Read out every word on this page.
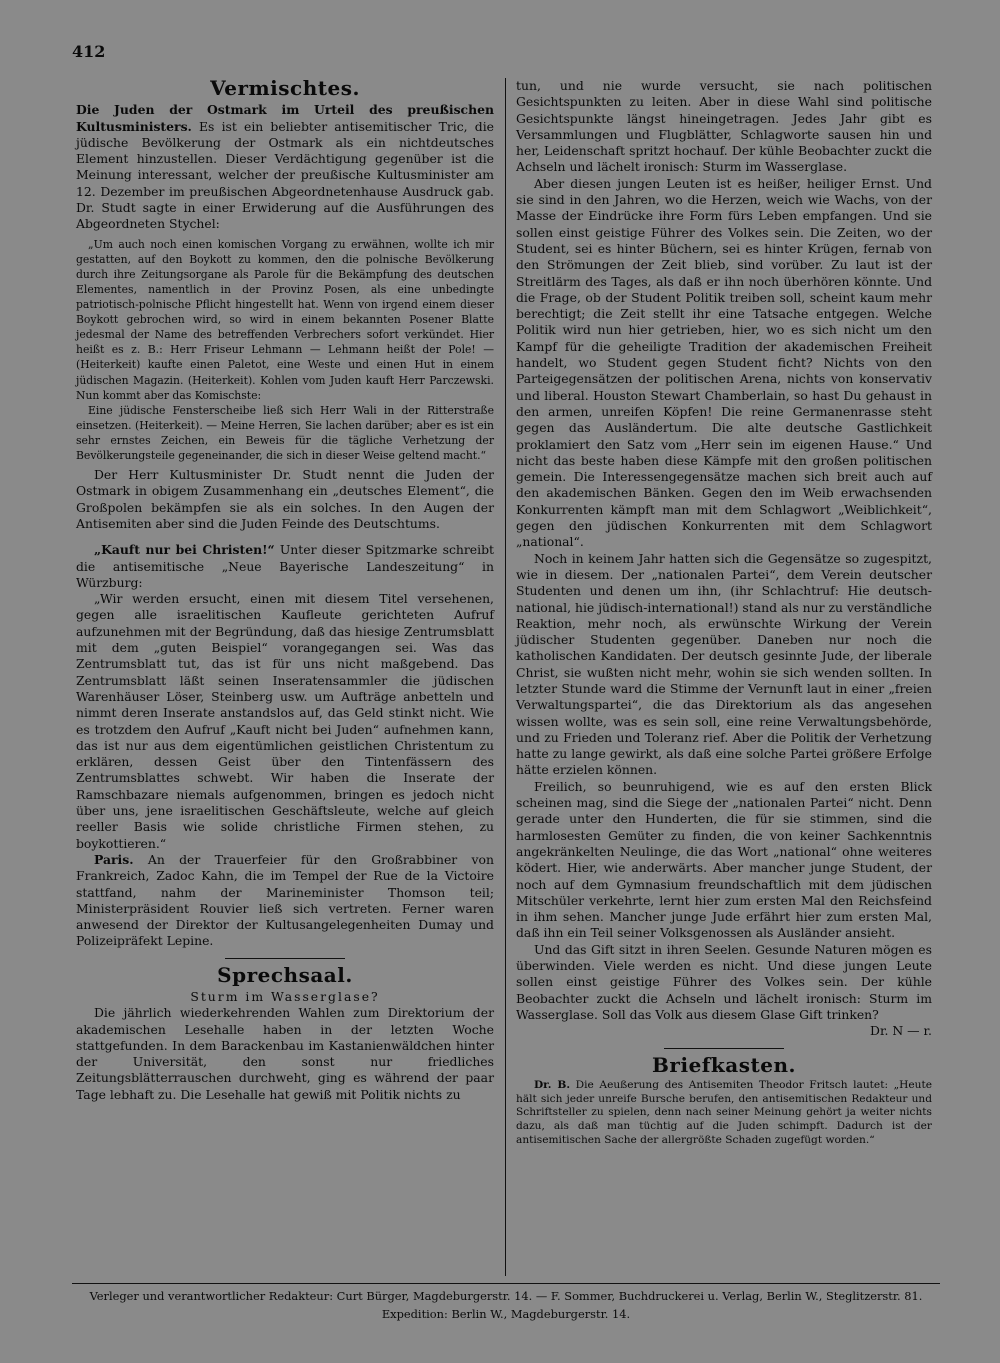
412
Vermischtes.

Die Juden der Ostmark im Urteil des preußischen Kultusministers. Es ist ein beliebter antisemitischer Tric, die jüdische Bevölkerung der Ostmark als ein nichtdeutsches Element hinzustellen. Dieser Verdächtigung gegenüber ist die Meinung interessant, welcher der preußische Kultusminister am 12. Dezember im preußischen Abgeordnetenhause Ausdruck gab. Dr. Studt sagte in einer Erwiderung auf die Ausführungen des Abgeordneten Stychel:

„Um auch noch einen komischen Vorgang zu erwähnen, wollte ich mir gestatten, auf den Boykott zu kommen, den die polnische Bevölkerung durch ihre Zeitungsorgane als Parole für die Bekämpfung des deutschen Elementes, namentlich in der Provinz Posen, als eine unbedingte patriotisch-polnische Pflicht hingestellt hat. Wenn von irgend einem dieser Boykott gebrochen wird, so wird in einem bekannten Posener Blatte jedesmal der Name des betreffenden Verbrechers sofort verkündet. Hier heißt es z. B.: Herr Friseur Lehmann — Lehmann heißt der Pole! — (Heiterkeit) kaufte einen Paletot, eine Weste und einen Hut in einem jüdischen Magazin. (Heiterkeit). Kohlen vom Juden kauft Herr Parczewski. Nun kommt aber das Komischste:

Eine jüdische Fensterscheibe ließ sich Herr Wali in der Ritterstraße einsetzen. (Heiterkeit). — Meine Herren, Sie lachen darüber; aber es ist ein sehr ernstes Zeichen, ein Beweis für die tägliche Verhetzung der Bevölkerungsteile gegeneinander, die sich in dieser Weise geltend macht.“

Der Herr Kultusminister Dr. Studt nennt die Juden der Ostmark in obigem Zusammenhang ein „deutsches Element“, die Großpolen bekämpfen sie als ein solches. In den Augen der Antisemiten aber sind die Juden Feinde des Deutschtums.

„Kauft nur bei Christen!“ Unter dieser Spitzmarke schreibt die antisemitische „Neue Bayerische Landeszeitung“ in Würzburg:

„Wir werden ersucht, einen mit diesem Titel versehenen, gegen alle israelitischen Kaufleute gerichteten Aufruf aufzunehmen mit der Begründung, daß das hiesige Zentrumsblatt mit dem „guten Beispiel“ vorangegangen sei. Was das Zentrumsblatt tut, das ist für uns nicht maßgebend. Das Zentrumsblatt läßt seinen Inseratensammler die jüdischen Warenhäuser Löser, Steinberg usw. um Aufträge anbetteln und nimmt deren Inserate anstandslos auf, das Geld stinkt nicht. Wie es trotzdem den Aufruf „Kauft nicht bei Juden“ aufnehmen kann, das ist nur aus dem eigentümlichen geistlichen Christentum zu erklären, dessen Geist über den Tintenfässern des Zentrumsblattes schwebt. Wir haben die Inserate der Ramschbazare niemals aufgenommen, bringen es jedoch nicht über uns, jene israelitischen Geschäftsleute, welche auf gleich reeller Basis wie solide christliche Firmen stehen, zu boykottieren.“

Paris. An der Trauerfeier für den Großrabbiner von Frankreich, Zadoc Kahn, die im Tempel der Rue de la Victoire stattfand, nahm der Marineminister Thomson teil; Ministerpräsident Rouvier ließ sich vertreten. Ferner waren anwesend der Direktor der Kultusangelegenheiten Dumay und Polizeipräfekt Lepine.

Sprechsaal.

Sturm im Wasserglase?

Die jährlich wiederkehrenden Wahlen zum Direktorium der akademischen Lesehalle haben in der letzten Woche stattgefunden. In dem Barackenbau im Kastanienwäldchen hinter der Universität, den sonst nur friedliches Zeitungsblätterrauschen durchweht, ging es während der paar Tage lebhaft zu. Die Lesehalle hat gewiß mit Politik nichts zu

tun, und nie wurde versucht, sie nach politischen Gesichtspunkten zu leiten. Aber in diese Wahl sind politische Gesichtspunkte längst hineingetragen. Jedes Jahr gibt es Versammlungen und Flugblätter, Schlagworte sausen hin und her, Leidenschaft spritzt hochauf. Der kühle Beobachter zuckt die Achseln und lächelt ironisch: Sturm im Wasserglase.

Aber diesen jungen Leuten ist es heißer, heiliger Ernst. Und sie sind in den Jahren, wo die Herzen, weich wie Wachs, von der Masse der Eindrücke ihre Form fürs Leben empfangen. Und sie sollen einst geistige Führer des Volkes sein. Die Zeiten, wo der Student, sei es hinter Büchern, sei es hinter Krügen, fernab von den Strömungen der Zeit blieb, sind vorüber. Zu laut ist der Streitlärm des Tages, als daß er ihn noch überhören könnte. Und die Frage, ob der Student Politik treiben soll, scheint kaum mehr berechtigt; die Zeit stellt ihr eine Tatsache entgegen. Welche Politik wird nun hier getrieben, hier, wo es sich nicht um den Kampf für die geheiligte Tradition der akademischen Freiheit handelt, wo Student gegen Student ficht? Nichts von den Parteigegensätzen der politischen Arena, nichts von konservativ und liberal. Houston Stewart Chamberlain, so hast Du gehaust in den armen, unreifen Köpfen! Die reine Germanenrasse steht gegen das Ausländertum. Die alte deutsche Gastlichkeit proklamiert den Satz vom „Herr sein im eigenen Hause.“ Und nicht das beste haben diese Kämpfe mit den großen politischen gemein. Die Interessengegensätze machen sich breit auch auf den akademischen Bänken. Gegen den im Weib erwachsenden Konkurrenten kämpft man mit dem Schlagwort „Weiblichkeit“, gegen den jüdischen Konkurrenten mit dem Schlagwort „national“.

Noch in keinem Jahr hatten sich die Gegensätze so zugespitzt, wie in diesem. Der „nationalen Partei“, dem Verein deutscher Studenten und denen um ihn, (ihr Schlachtruf: Hie deutsch-national, hie jüdisch-international!) stand als nur zu verständliche Reaktion, mehr noch, als erwünschte Wirkung der Verein jüdischer Studenten gegenüber. Daneben nur noch die katholischen Kandidaten. Der deutsch gesinnte Jude, der liberale Christ, sie wußten nicht mehr, wohin sie sich wenden sollten. In letzter Stunde ward die Stimme der Vernunft laut in einer „freien Verwaltungspartei“, die das Direktorium als das angesehen wissen wollte, was es sein soll, eine reine Verwaltungsbehörde, und zu Frieden und Toleranz rief. Aber die Politik der Verhetzung hatte zu lange gewirkt, als daß eine solche Partei größere Erfolge hätte erzielen können.

Freilich, so beunruhigend, wie es auf den ersten Blick scheinen mag, sind die Siege der „nationalen Partei“ nicht. Denn gerade unter den Hunderten, die für sie stimmen, sind die harmlosesten Gemüter zu finden, die von keiner Sachkenntnis angekränkelten Neulinge, die das Wort „national“ ohne weiteres ködert. Hier, wie anderwärts. Aber mancher junge Student, der noch auf dem Gymnasium freundschaftlich mit dem jüdischen Mitschüler verkehrte, lernt hier zum ersten Mal den Reichsfeind in ihm sehen. Mancher junge Jude erfährt hier zum ersten Mal, daß ihn ein Teil seiner Volksgenossen als Ausländer ansieht.

Und das Gift sitzt in ihren Seelen. Gesunde Naturen mögen es überwinden. Viele werden es nicht. Und diese jungen Leute sollen einst geistige Führer des Volkes sein. Der kühle Beobachter zuckt die Achseln und lächelt ironisch: Sturm im Wasserglase. Soll das Volk aus diesem Glase Gift trinken?

Dr. N — r.

Briefkasten.

Dr. B. Die Aeußerung des Antisemiten Theodor Fritsch lautet: „Heute hält sich jeder unreife Bursche berufen, den antisemitischen Redakteur und Schriftsteller zu spielen, denn nach seiner Meinung gehört ja weiter nichts dazu, als daß man tüchtig auf die Juden schimpft. Dadurch ist der antisemitischen Sache der allergrößte Schaden zugefügt worden.“

Verleger und verantwortlicher Redakteur: Curt Bürger, Magdeburgerstr. 14. — F. Sommer, Buchdruckerei u. Verlag, Berlin W., Steglitzerstr. 81.
Expedition: Berlin W., Magdeburgerstr. 14.
